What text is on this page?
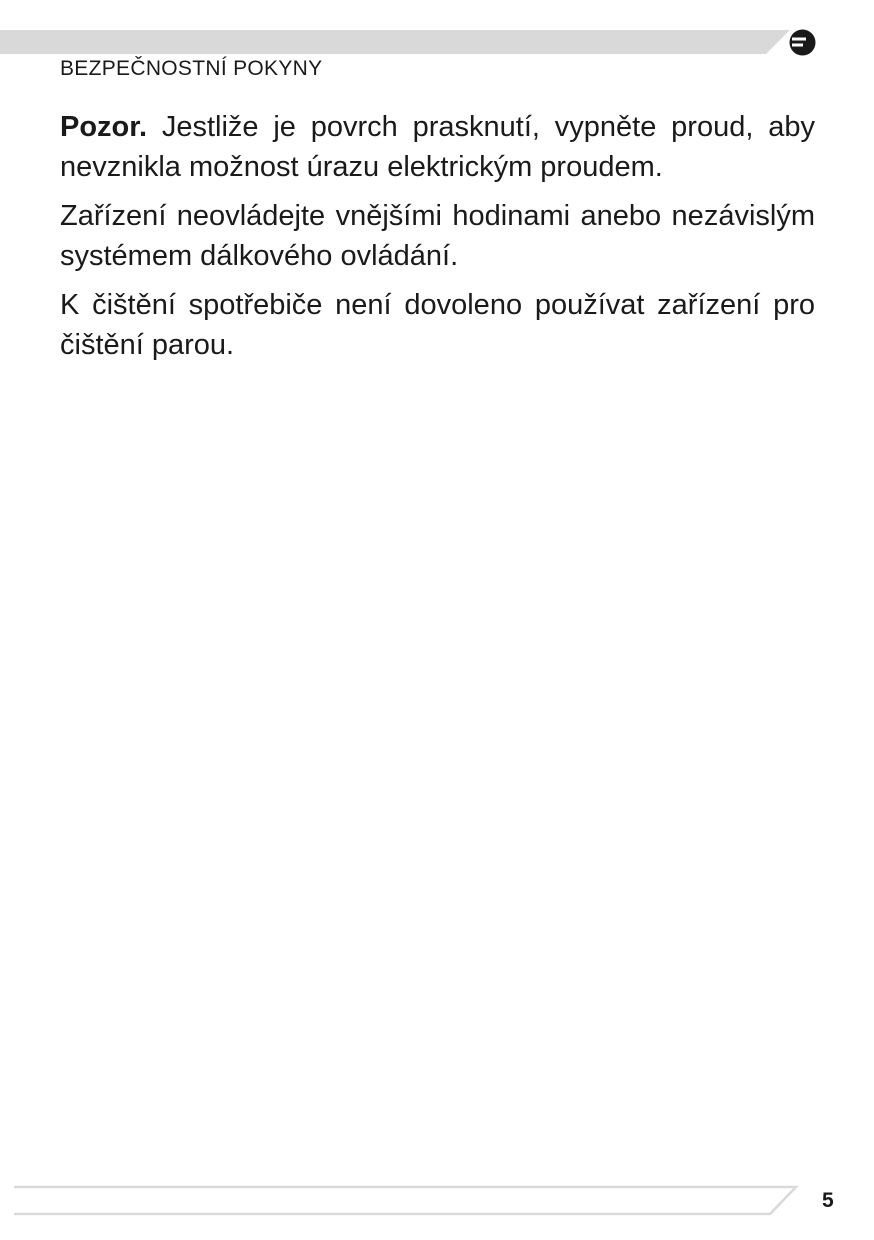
BEZPEČNOSTNÍ POKYNY

Pozor. Jestliže je povrch prasknutí, vypněte proud, aby nevznikla možnost úrazu elektrickým proudem.

Zařízení neovládejte vnějšími hodinami anebo nezávislým systémem dálkového ovládání.

K čištění spotřebiče není dovoleno používat zařízení pro čištění parou.

5
